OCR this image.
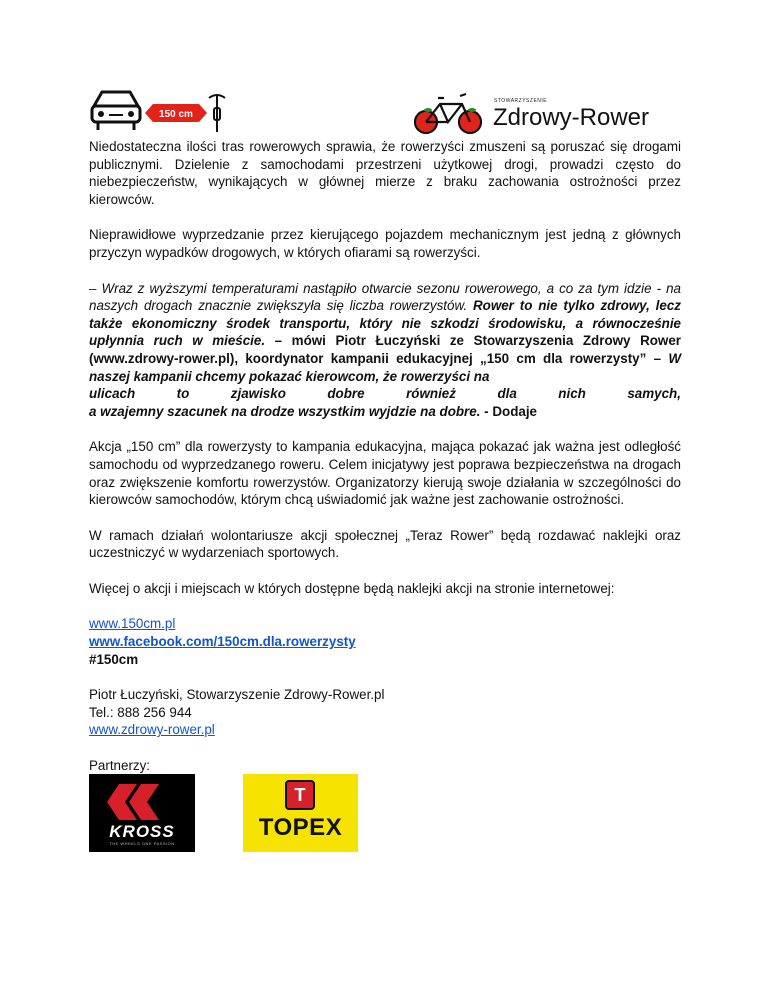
150 cm
STOWARZYSZENIE
Zdrowy-Rower

Niedostateczna ilości tras rowerowych sprawia, że rowerzyści zmuszeni są poruszać się drogami publicznymi. Dzielenie z samochodami przestrzeni użytkowej drogi, prowadzi często do niebezpieczeństw, wynikających w głównej mierze z braku zachowania ostrożności przez kierowców.

Nieprawidłowe wyprzedzanie przez kierującego pojazdem mechanicznym jest jedną z głównych przyczyn wypadków drogowych, w których ofiarami są rowerzyści.

– Wraz z wyższymi temperaturami nastąpiło otwarcie sezonu rowerowego, a co za tym idzie - na naszych drogach znacznie zwiększyła się liczba rowerzystów. Rower to nie tylko zdrowy, lecz także ekonomiczny środek transportu, który nie szkodzi środowisku, a równocześnie upłynnia ruch w mieście. – mówi Piotr Łuczyński ze Stowarzyszenia Zdrowy Rower (www.zdrowy-rower.pl), koordynator kampanii edukacyjnej „150 cm dla rowerzysty” – W naszej kampanii chcemy pokazać kierowcom, że rowerzyści na

ulicach	to	zjawisko	dobre	również	dla	nich	samych,

a wzajemny szacunek na drodze wszystkim wyjdzie na dobre. - Dodaje

Akcja „150 cm” dla rowerzysty to kampania edukacyjna, mająca pokazać jak ważna jest odległość samochodu od wyprzedzanego roweru. Celem inicjatywy jest poprawa bezpieczeństwa na drogach oraz zwiększenie komfortu rowerzystów. Organizatorzy kierują swoje działania w szczególności do kierowców samochodów, którym chcą uświadomić jak ważne jest zachowanie ostrożności.

W ramach działań wolontariusze akcji społecznej „Teraz Rower” będą rozdawać naklejki oraz uczestniczyć w wydarzeniach sportowych.

Więcej o akcji i miejscach w których dostępne będą naklejki akcji na stronie internetowej:

www.150cm.pl
www.facebook.com/150cm.dla.rowerzysty
#150cm

Piotr Łuczyński, Stowarzyszenie Zdrowy-Rower.pl
Tel.: 888 256 944
www.zdrowy-rower.pl

Partnerzy:

KROSS
THE WHEELS ONE PASSION
T
TOPEX
